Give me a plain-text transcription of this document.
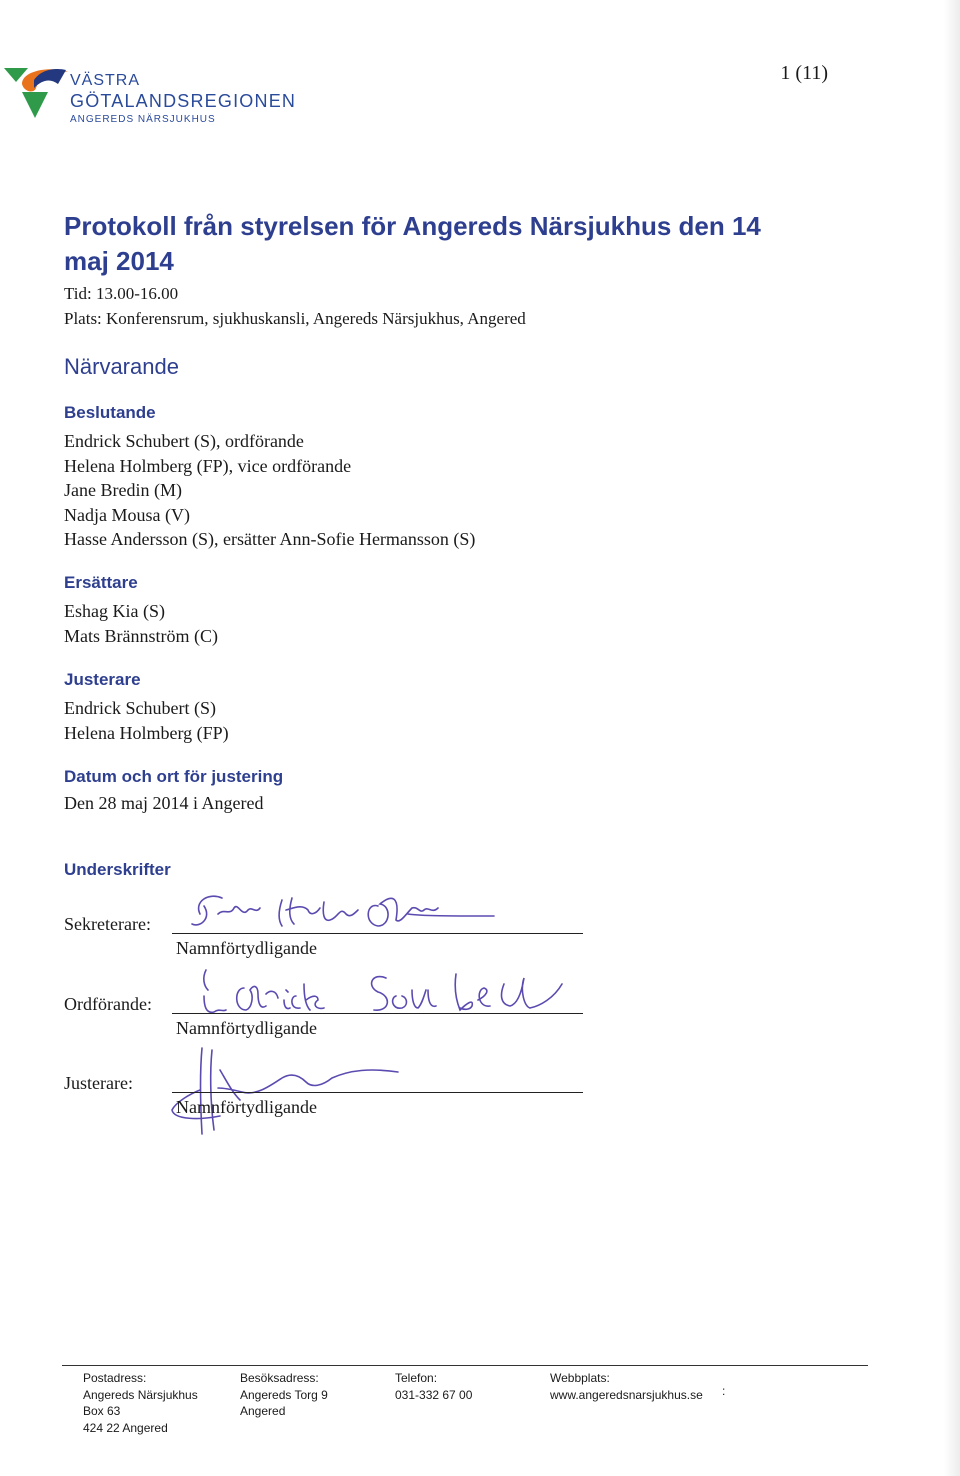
VÄSTRA
GÖTALANDSREGIONEN
ANGEREDS NÄRSJUKHUS
1 (11)
Protokoll från styrelsen för Angereds Närsjukhus den 14 maj 2014
Tid: 13.00-16.00
Plats: Konferensrum, sjukhuskansli, Angereds Närsjukhus, Angered
Närvarande
Beslutande
Endrick Schubert (S), ordförande
Helena Holmberg (FP), vice ordförande
Jane Bredin (M)
Nadja Mousa (V)
Hasse Andersson (S), ersätter Ann-Sofie Hermansson (S)
Ersättare
Eshag Kia (S)
Mats Brännström (C)
Justerare
Endrick Schubert (S)
Helena Holmberg (FP)
Datum och ort för justering
Den 28 maj 2014 i Angered
Underskrifter
Sekreterare:
Namnförtydligande
Ordförande:
Namnförtydligande
Justerare:
Namnförtydligande
Postadress:
Angereds Närsjukhus
Box 63
424 22 Angered
Besöksadress:
Angereds Torg 9
Angered
Telefon:
031-332 67 00
Webbplats:
www.angeredsnarsjukhus.se :
